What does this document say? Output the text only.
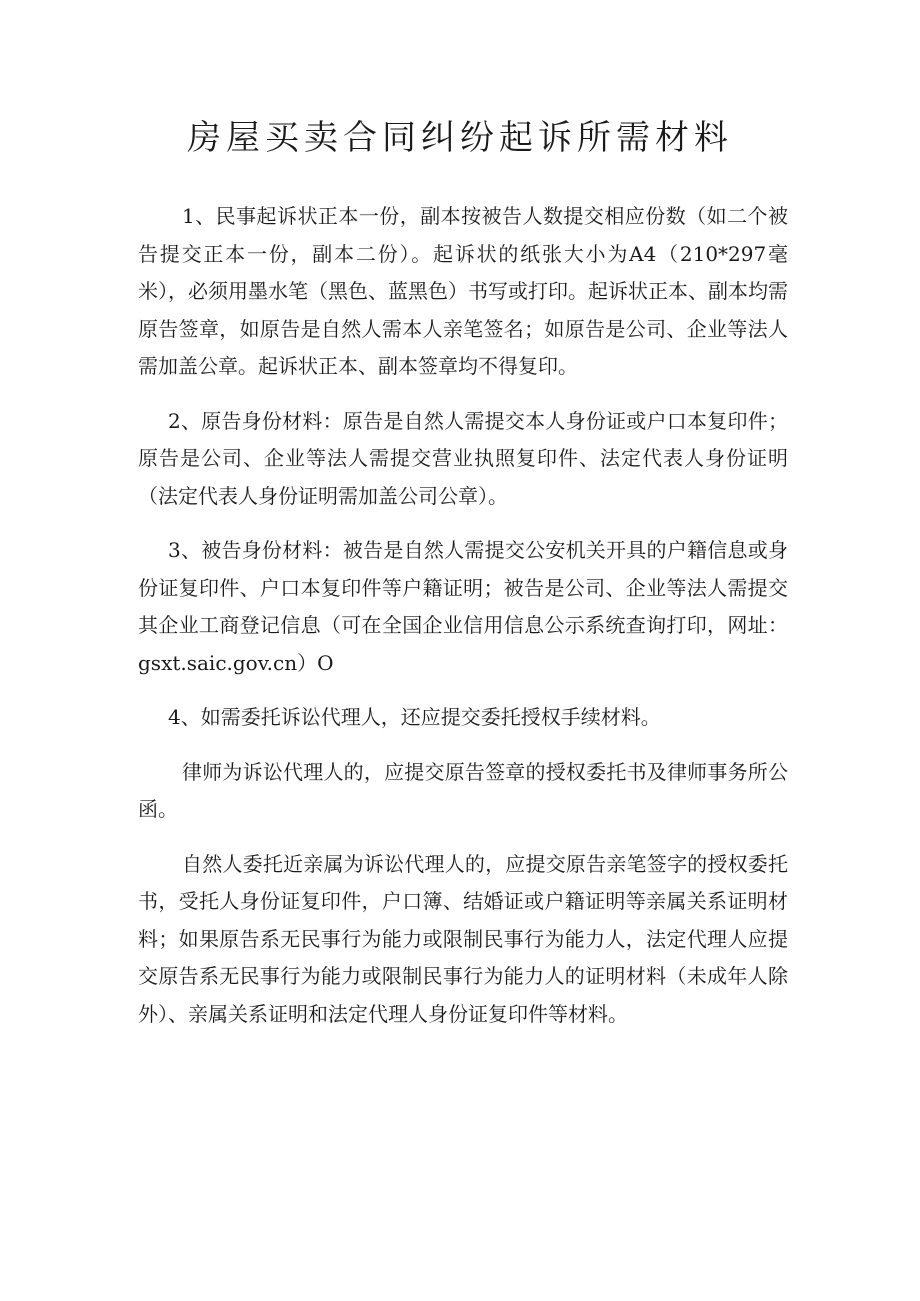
房屋买卖合同纠纷起诉所需材料

1、民事起诉状正本一份，副本按被告人数提交相应份数（如二个被告提交正本一份，副本二份）。起诉状的纸张大小为A4（210*297毫米），必须用墨水笔（黑色、蓝黑色）书写或打印。起诉状正本、副本均需原告签章，如原告是自然人需本人亲笔签名；如原告是公司、企业等法人需加盖公章。起诉状正本、副本签章均不得复印。

2、原告身份材料：原告是自然人需提交本人身份证或户口本复印件；原告是公司、企业等法人需提交营业执照复印件、法定代表人身份证明（法定代表人身份证明需加盖公司公章）。

3、被告身份材料：被告是自然人需提交公安机关开具的户籍信息或身份证复印件、户口本复印件等户籍证明；被告是公司、企业等法人需提交其企业工商登记信息（可在全国企业信用信息公示系统查询打印，网址：gsxt.saic.gov.cn）O

4、如需委托诉讼代理人，还应提交委托授权手续材料。

律师为诉讼代理人的，应提交原告签章的授权委托书及律师事务所公函。

自然人委托近亲属为诉讼代理人的，应提交原告亲笔签字的授权委托书，受托人身份证复印件，户口簿、结婚证或户籍证明等亲属关系证明材料；如果原告系无民事行为能力或限制民事行为能力人，法定代理人应提交原告系无民事行为能力或限制民事行为能力人的证明材料（未成年人除外）、亲属关系证明和法定代理人身份证复印件等材料。
